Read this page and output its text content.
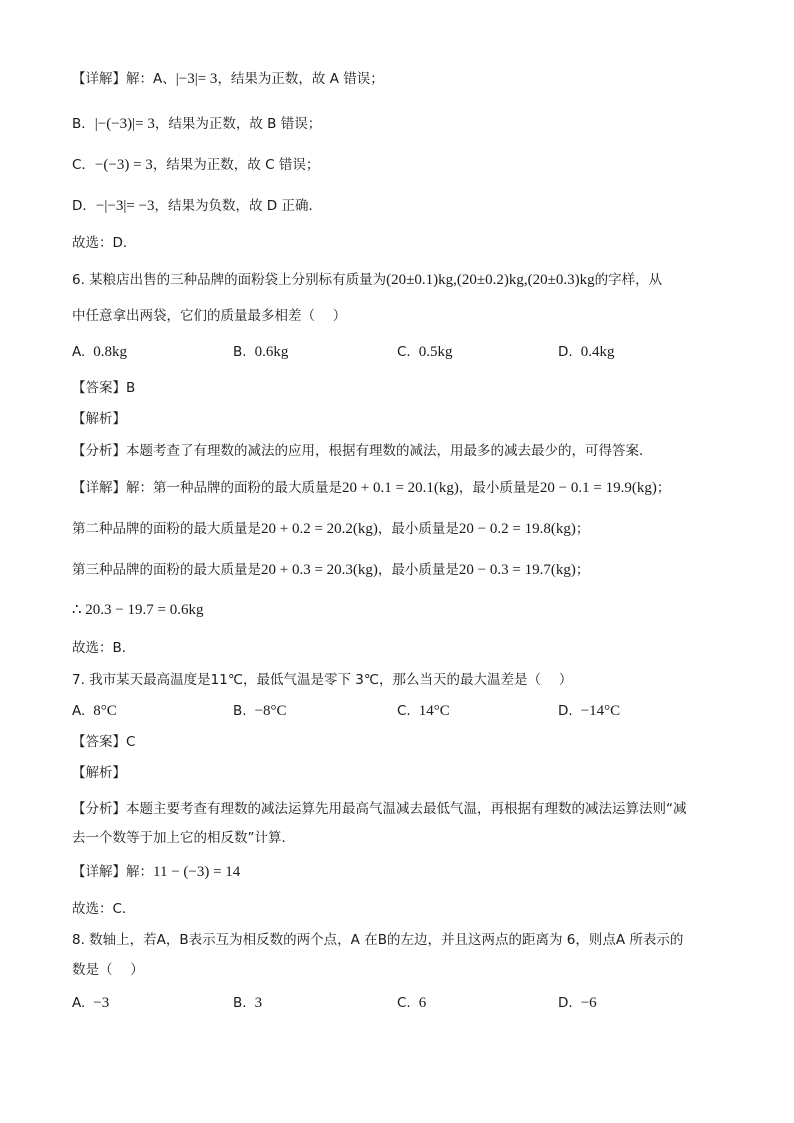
【详解】解：A、|−3|= 3，结果为正数，故 A 错误；
B．|−(−3)|= 3，结果为正数，故 B 错误；
C．−(−3) = 3，结果为正数，故 C 错误；
D．−|−3|= −3，结果为负数，故 D 正确．
故选：D．
6. 某粮店出售的三种品牌的面粉袋上分别标有质量为(20±0.1)kg,(20±0.2)kg,(20±0.3)kg的字样，从
中任意拿出两袋，它们的质量最多相差（　 ）
A. 0.8kg	B. 0.6kg	C. 0.5kg	D. 0.4kg
【答案】B
【解析】
【分析】本题考查了有理数的减法的应用，根据有理数的减法，用最多的减去最少的，可得答案．
【详解】解：第一种品牌的面粉的最大质量是20 + 0.1 = 20.1(kg)，最小质量是20 − 0.1 = 19.9(kg)；
第二种品牌的面粉的最大质量是20 + 0.2 = 20.2(kg)，最小质量是20 − 0.2 = 19.8(kg)；
第三种品牌的面粉的最大质量是20 + 0.3 = 20.3(kg)，最小质量是20 − 0.3 = 19.7(kg)；
∴ 20.3 − 19.7 = 0.6kg
故选：B．
7. 我市某天最高温度是11℃，最低气温是零下 3℃，那么当天的最大温差是（　 ）
A. 8°C	B. −8°C	C. 14°C	D. −14°C
【答案】C
【解析】
【分析】本题主要考查有理数的减法运算先用最高气温减去最低气温，再根据有理数的减法运算法则“减
去一个数等于加上它的相反数”计算．
【详解】解：11 − (−3) = 14
故选：C．
8. 数轴上，若A，B表示互为相反数的两个点，A 在B的左边，并且这两点的距离为 6，则点A 所表示的
数是（　 ）
A. −3	B. 3	C. 6	D. −6
